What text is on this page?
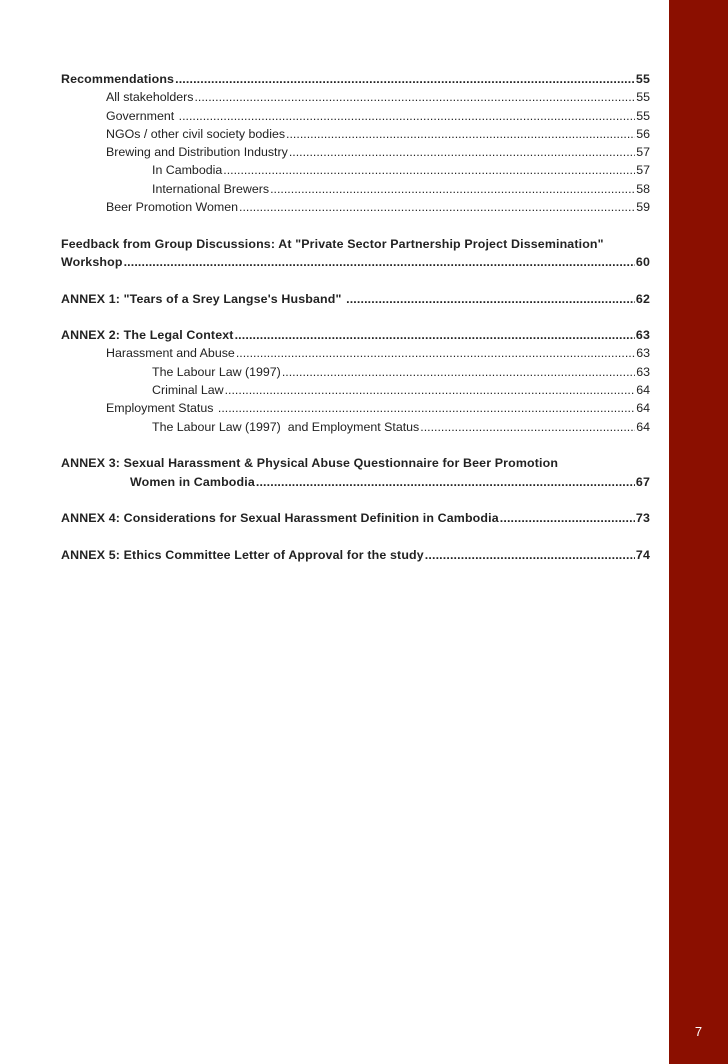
7
Recommendations .....	55
All stakeholders .....	55
Government .....	55
NGOs / other civil society bodies .....	56
Brewing and Distribution Industry .....	57
In Cambodia .....	57
International Brewers .....	58
Beer Promotion Women .....	59
Feedback from Group Discussions: At "Private Sector Partnership Project Dissemination"
Workshop .....	60
ANNEX 1: "Tears of a Srey Langse's Husband" .....	62
ANNEX 2: The Legal Context .....	63
Harassment and Abuse .....	63
The Labour Law (1997) .....	63
Criminal Law .....	64
Employment Status .....	64
The Labour Law (1997)  and Employment Status .....	64
ANNEX 3: Sexual Harassment & Physical Abuse Questionnaire for Beer Promotion
Women in Cambodia .....	67
ANNEX 4: Considerations for Sexual Harassment Definition in Cambodia .....	73
ANNEX 5: Ethics Committee Letter of Approval for the study .....	74
